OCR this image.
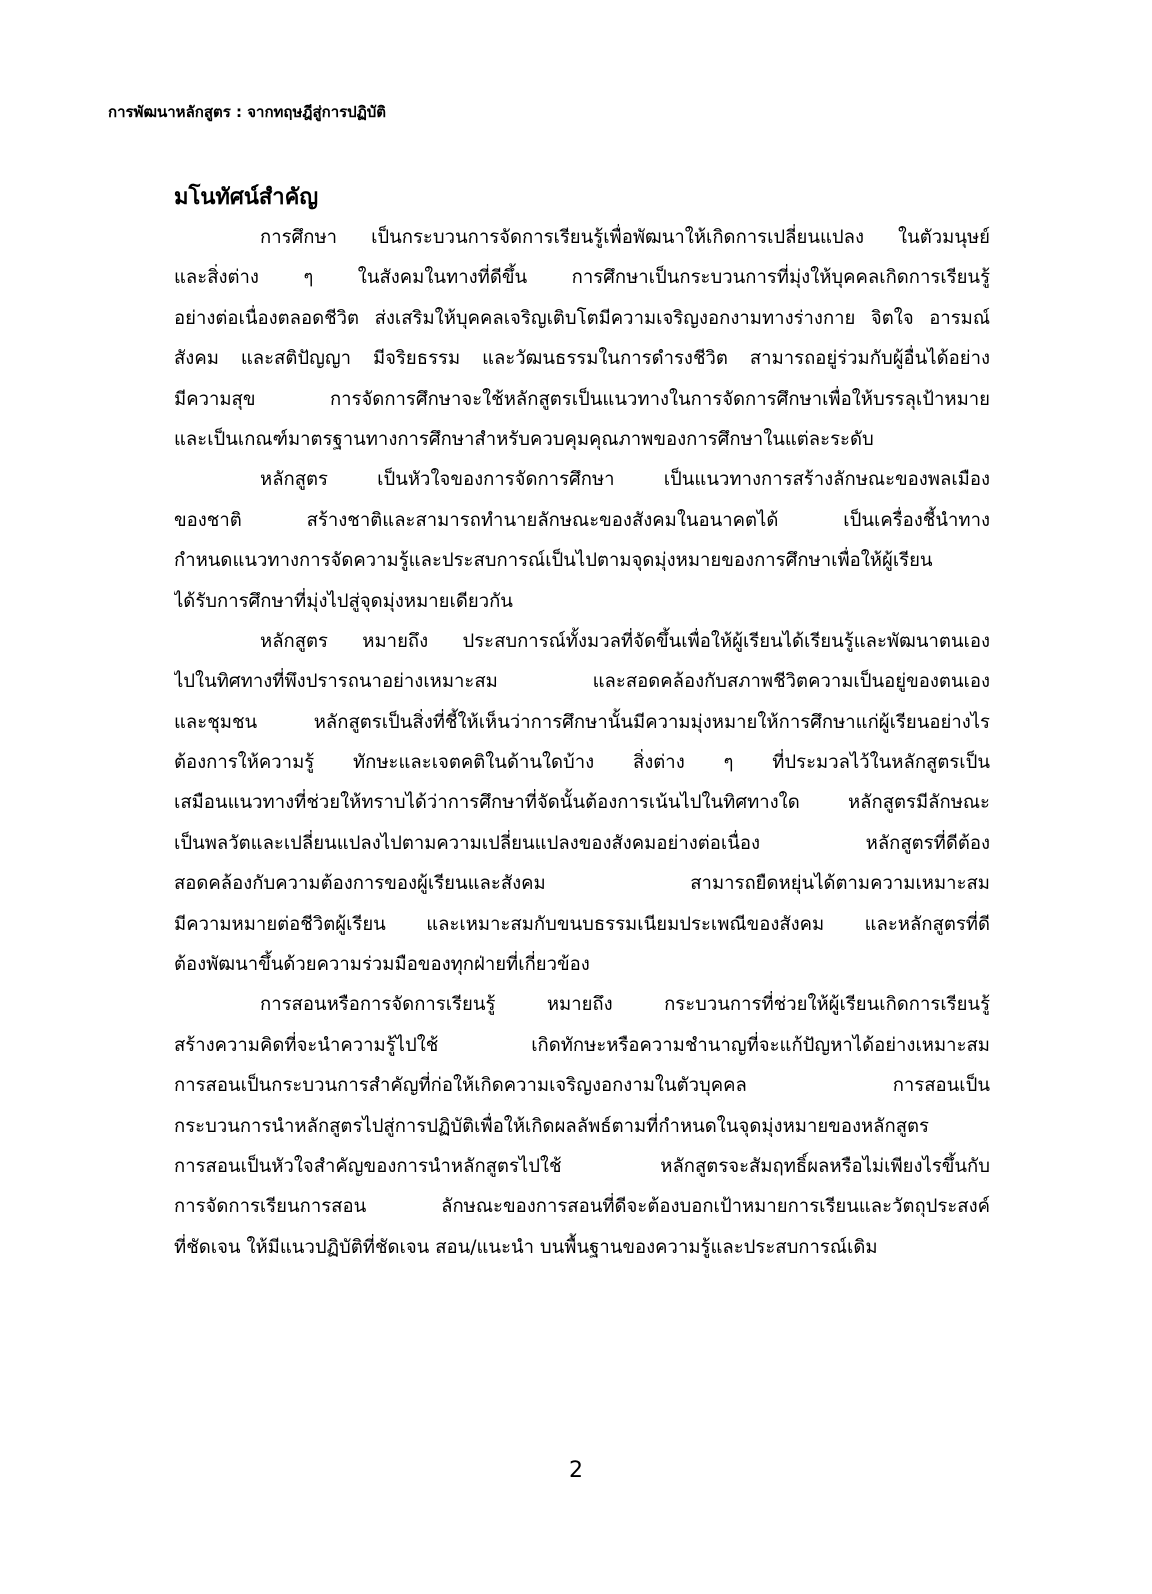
การพัฒนาหลักสูตร : จากทฤษฎีสู่การปฏิบัติ
มโนทัศน์สำคัญ
การศึกษา เป็นกระบวนการจัดการเรียนรู้เพื่อพัฒนาให้เกิดการเปลี่ยนแปลง ในตัวมนุษย์
และสิ่งต่าง ๆ ในสังคมในทางที่ดีขึ้น การศึกษาเป็นกระบวนการที่มุ่งให้บุคคลเกิดการเรียนรู้
อย่างต่อเนื่องตลอดชีวิต ส่งเสริมให้บุคคลเจริญเติบโตมีความเจริญงอกงามทางร่างกาย จิตใจ อารมณ์
สังคม และสติปัญญา มีจริยธรรม และวัฒนธรรมในการดำรงชีวิต สามารถอยู่ร่วมกับผู้อื่นได้อย่าง
มีความสุข การจัดการศึกษาจะใช้หลักสูตรเป็นแนวทางในการจัดการศึกษาเพื่อให้บรรลุเป้าหมาย
และเป็นเกณฑ์มาตรฐานทางการศึกษาสำหรับควบคุมคุณภาพของการศึกษาในแต่ละระดับ
หลักสูตร เป็นหัวใจของการจัดการศึกษา เป็นแนวทางการสร้างลักษณะของพลเมือง
ของชาติ สร้างชาติและสามารถทำนายลักษณะของสังคมในอนาคตได้ เป็นเครื่องชี้นำทาง
กำหนดแนวทางการจัดความรู้และประสบการณ์เป็นไปตามจุดมุ่งหมายของการศึกษาเพื่อให้ผู้เรียน
ได้รับการศึกษาที่มุ่งไปสู่จุดมุ่งหมายเดียวกัน
หลักสูตร หมายถึง ประสบการณ์ทั้งมวลที่จัดขึ้นเพื่อให้ผู้เรียนได้เรียนรู้และพัฒนาตนเอง
ไปในทิศทางที่พึงปรารถนาอย่างเหมาะสม และสอดคล้องกับสภาพชีวิตความเป็นอยู่ของตนเอง
และชุมชน หลักสูตรเป็นสิ่งที่ชี้ให้เห็นว่าการศึกษานั้นมีความมุ่งหมายให้การศึกษาแก่ผู้เรียนอย่างไร
ต้องการให้ความรู้ ทักษะและเจตคติในด้านใดบ้าง สิ่งต่าง ๆ ที่ประมวลไว้ในหลักสูตรเป็น
เสมือนแนวทางที่ช่วยให้ทราบได้ว่าการศึกษาที่จัดนั้นต้องการเน้นไปในทิศทางใด หลักสูตรมีลักษณะ
เป็นพลวัตและเปลี่ยนแปลงไปตามความเปลี่ยนแปลงของสังคมอย่างต่อเนื่อง หลักสูตรที่ดีต้อง
สอดคล้องกับความต้องการของผู้เรียนและสังคม สามารถยืดหยุ่นได้ตามความเหมาะสม
มีความหมายต่อชีวิตผู้เรียน และเหมาะสมกับขนบธรรมเนียมประเพณีของสังคม และหลักสูตรที่ดี
ต้องพัฒนาขึ้นด้วยความร่วมมือของทุกฝ่ายที่เกี่ยวข้อง
การสอนหรือการจัดการเรียนรู้ หมายถึง กระบวนการที่ช่วยให้ผู้เรียนเกิดการเรียนรู้
สร้างความคิดที่จะนำความรู้ไปใช้ เกิดทักษะหรือความชำนาญที่จะแก้ปัญหาได้อย่างเหมาะสม
การสอนเป็นกระบวนการสำคัญที่ก่อให้เกิดความเจริญงอกงามในตัวบุคคล การสอนเป็น
กระบวนการนำหลักสูตรไปสู่การปฏิบัติเพื่อให้เกิดผลลัพธ์ตามที่กำหนดในจุดมุ่งหมายของหลักสูตร
การสอนเป็นหัวใจสำคัญของการนำหลักสูตรไปใช้ หลักสูตรจะสัมฤทธิ์ผลหรือไม่เพียงไรขึ้นกับ
การจัดการเรียนการสอน ลักษณะของการสอนที่ดีจะต้องบอกเป้าหมายการเรียนและวัตถุประสงค์
ที่ชัดเจน ให้มีแนวปฏิบัติที่ชัดเจน สอน/แนะนำ บนพื้นฐานของความรู้และประสบการณ์เดิม
2
